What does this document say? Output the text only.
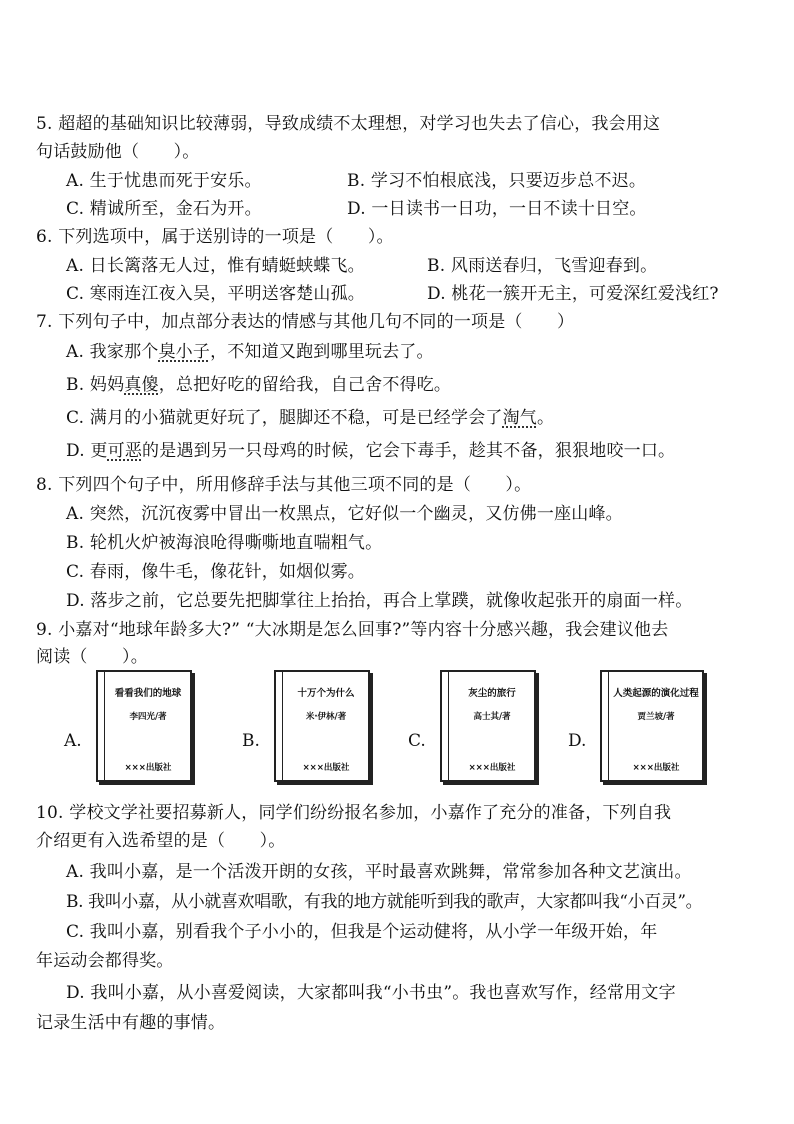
5. 超超的基础知识比较薄弱，导致成绩不太理想，对学习也失去了信心，我会用这
句话鼓励他（　　）。
A. 生于忧患而死于安乐。	B. 学习不怕根底浅，只要迈步总不迟。
C. 精诚所至，金石为开。	D. 一日读书一日功，一日不读十日空。
6. 下列选项中，属于送别诗的一项是（　　）。
A. 日长篱落无人过，惟有蜻蜓蛱蝶飞。	B. 风雨送春归，飞雪迎春到。
C. 寒雨连江夜入吴，平明送客楚山孤。	D. 桃花一簇开无主，可爱深红爱浅红?
7. 下列句子中，加点部分表达的情感与其他几句不同的一项是（　　）
A. 我家那个臭小子，不知道又跑到哪里玩去了。
B. 妈妈真傻，总把好吃的留给我，自己舍不得吃。
C. 满月的小猫就更好玩了，腿脚还不稳，可是已经学会了淘气。
D. 更可恶的是遇到另一只母鸡的时候，它会下毒手，趁其不备，狠狠地咬一口。
8. 下列四个句子中，所用修辞手法与其他三项不同的是（　　）。
A. 突然，沉沉夜雾中冒出一枚黑点，它好似一个幽灵，又仿佛一座山峰。
B. 轮机火炉被海浪呛得嘶嘶地直喘粗气。
C. 春雨，像牛毛，像花针，如烟似雾。
D. 落步之前，它总要先把脚掌往上抬抬，再合上掌蹼，就像收起张开的扇面一样。
9. 小嘉对“地球年龄多大?” “大冰期是怎么回事?”等内容十分感兴趣，我会建议他去
阅读（　　）。
A.
看看我们的地球
李四光/著
×××出版社
B.
十万个为什么
米·伊林/著
×××出版社
C.
灰尘的旅行
高士其/著
×××出版社
D.
人类起源的演化过程
贾兰坡/著
×××出版社
10. 学校文学社要招募新人，同学们纷纷报名参加，小嘉作了充分的准备，下列自我
介绍更有入选希望的是（　　）。
A. 我叫小嘉，是一个活泼开朗的女孩，平时最喜欢跳舞，常常参加各种文艺演出。
B. 我叫小嘉，从小就喜欢唱歌，有我的地方就能听到我的歌声，大家都叫我“小百灵”。
C. 我叫小嘉，别看我个子小小的，但我是个运动健将，从小学一年级开始，年
年运动会都得奖。
D. 我叫小嘉，从小喜爱阅读，大家都叫我“小书虫”。我也喜欢写作，经常用文字
记录生活中有趣的事情。
